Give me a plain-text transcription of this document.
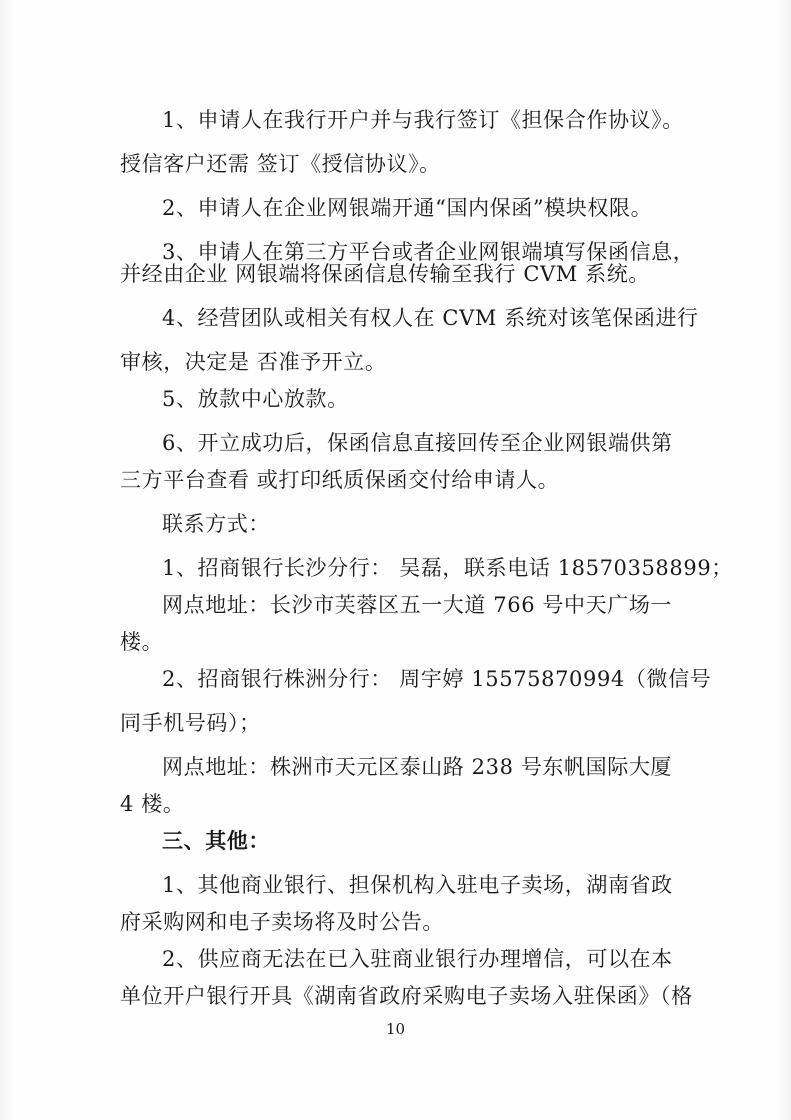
1、申请人在我行开户并与我行签订《担保合作协议》。
授信客户还需 签订《授信协议》。
2、申请人在企业网银端开通“国内保函”模块权限。
3、申请人在第三方平台或者企业网银端填写保函信息，
并经由企业 网银端将保函信息传输至我行 CVM 系统。
4、经营团队或相关有权人在 CVM 系统对该笔保函进行
审核，决定是 否准予开立。
5、放款中心放款。
6、开立成功后，保函信息直接回传至企业网银端供第
三方平台查看 或打印纸质保函交付给申请人。
联系方式：
1、招商银行长沙分行： 吴磊，联系电话 18570358899；
网点地址：长沙市芙蓉区五一大道 766 号中天广场一
楼。
2、招商银行株洲分行： 周宇婷 15575870994（微信号
同手机号码）；
网点地址：株洲市天元区泰山路 238 号东帆国际大厦
4 楼。
三、其他：
1、其他商业银行、担保机构入驻电子卖场，湖南省政
府采购网和电子卖场将及时公告。
2、供应商无法在已入驻商业银行办理增信，可以在本
单位开户银行开具《湖南省政府采购电子卖场入驻保函》（格
10
